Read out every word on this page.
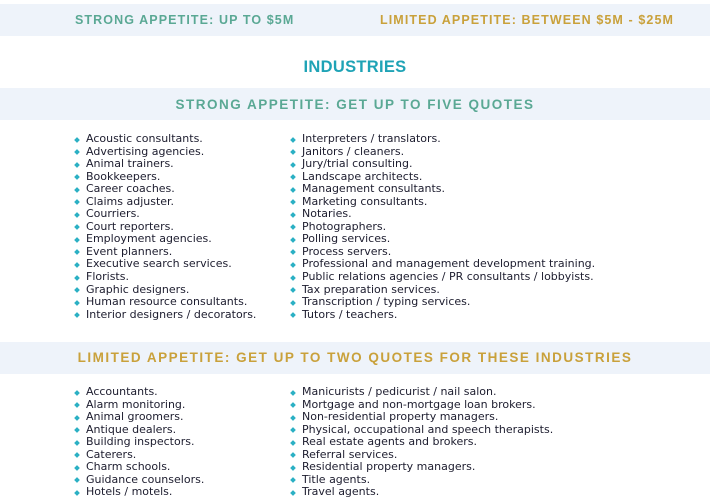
STRONG APPETITE: UP TO $5M	LIMITED APPETITE: BETWEEN $5M - $25M
INDUSTRIES
STRONG APPETITE: GET UP TO FIVE QUOTES
Acoustic consultants.
Advertising agencies.
Animal trainers.
Bookkeepers.
Career coaches.
Claims adjuster.
Courriers.
Court reporters.
Employment agencies.
Event planners.
Executive search services.
Florists.
Graphic designers.
Human resource consultants.
Interior designers / decorators.
Interpreters / translators.
Janitors / cleaners.
Jury/trial consulting.
Landscape architects.
Management consultants.
Marketing consultants.
Notaries.
Photographers.
Polling services.
Process servers.
Professional and management development training.
Public relations agencies / PR consultants / lobbyists.
Tax preparation services.
Transcription / typing services.
Tutors / teachers.
LIMITED APPETITE: GET UP TO TWO QUOTES FOR THESE INDUSTRIES
Accountants.
Alarm monitoring.
Animal groomers.
Antique dealers.
Building inspectors.
Caterers.
Charm schools.
Guidance counselors.
Hotels / motels.
Manicurists / pedicurist / nail salon.
Mortgage and non-mortgage loan brokers.
Non-residential property managers.
Physical, occupational and speech therapists.
Real estate agents and brokers.
Referral services.
Residential property managers.
Title agents.
Travel agents.
